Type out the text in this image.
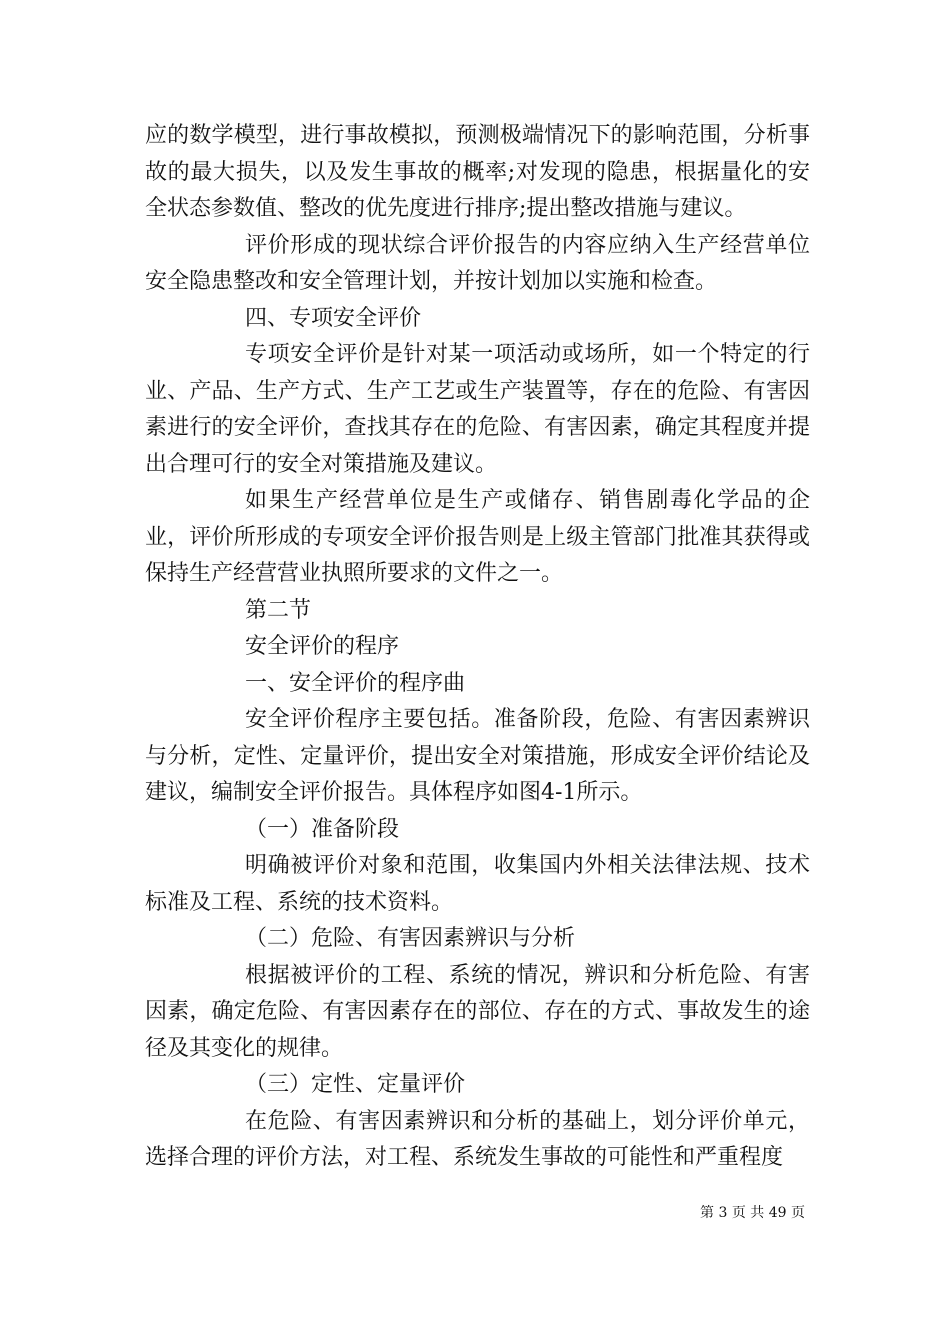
应的数学模型，进行事故模拟，预测极端情况下的影响范围，分析事故的最大损失，以及发生事故的概率;对发现的隐患，根据量化的安全状态参数值、整改的优先度进行排序;提出整改措施与建议。

评价形成的现状综合评价报告的内容应纳入生产经营单位安全隐患整改和安全管理计划，并按计划加以实施和检查。

四、专项安全评价

专项安全评价是针对某一项活动或场所，如一个特定的行业、产品、生产方式、生产工艺或生产装置等，存在的危险、有害因素进行的安全评价，查找其存在的危险、有害因素，确定其程度并提出合理可行的安全对策措施及建议。

如果生产经营单位是生产或储存、销售剧毒化学品的企业，评价所形成的专项安全评价报告则是上级主管部门批准其获得或保持生产经营营业执照所要求的文件之一。

第二节

安全评价的程序

一、安全评价的程序曲

安全评价程序主要包括。准备阶段，危险、有害因素辨识与分析，定性、定量评价，提出安全对策措施，形成安全评价结论及建议，编制安全评价报告。具体程序如图4-1所示。

（一）准备阶段

明确被评价对象和范围，收集国内外相关法律法规、技术标准及工程、系统的技术资料。

（二）危险、有害因素辨识与分析

根据被评价的工程、系统的情况，辨识和分析危险、有害因素，确定危险、有害因素存在的部位、存在的方式、事故发生的途径及其变化的规律。

（三）定性、定量评价

在危险、有害因素辨识和分析的基础上，划分评价单元，选择合理的评价方法，对工程、系统发生事故的可能性和严重程度

第 3 页 共 49 页
